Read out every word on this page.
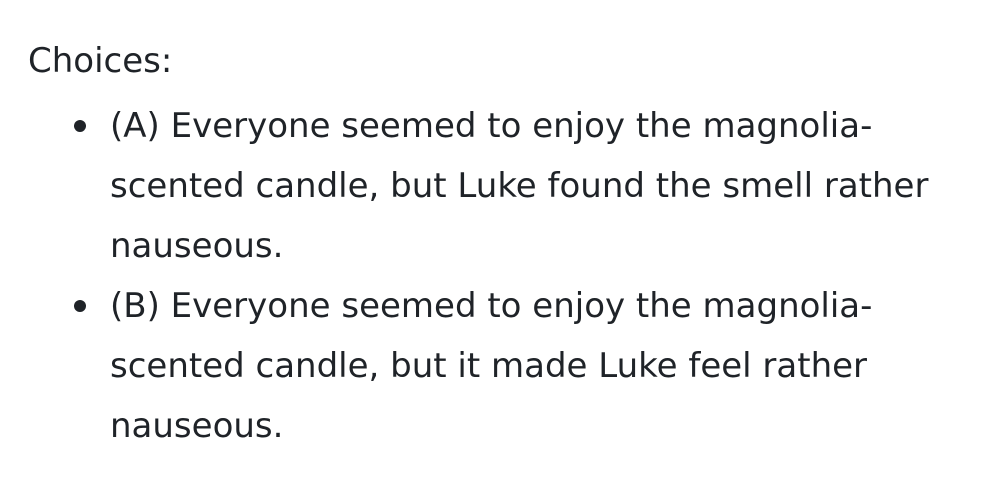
Choices:
(A) Everyone seemed to enjoy the magnolia-
scented candle, but Luke found the smell rather
nauseous.
(B) Everyone seemed to enjoy the magnolia-
scented candle, but it made Luke feel rather
nauseous.
